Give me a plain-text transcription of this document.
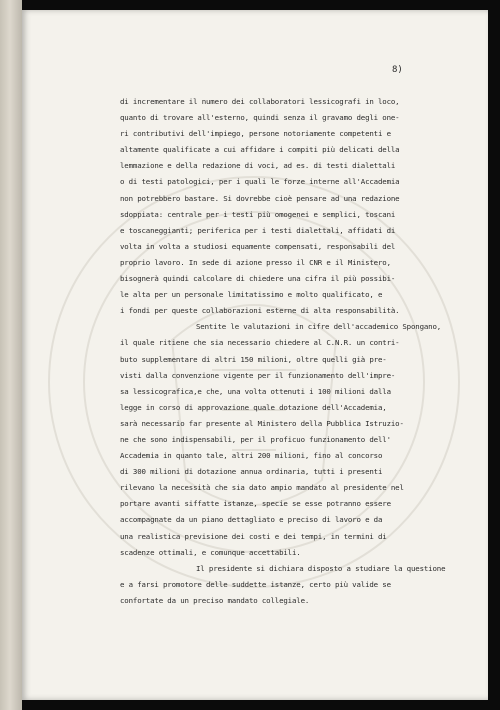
8)
di incrementare il numero dei collaboratori lessicografi in loco,
quanto di trovare all'esterno, quindi senza il gravamo degli one-
ri contributivi dell'impiego, persone notoriamente competenti e
altamente qualificate a cui affidare i compiti più delicati della
lemmazione e della redazione di voci, ad es. di testi dialettali
o di testi patologici, per i quali le forze interne all'Accademia
non potrebbero bastare. Si dovrebbe cioè pensare ad una redazione
sdoppiata: centrale per i testi più omogenei e semplici, toscani
e toscaneggianti; periferica per i testi dialettali, affidati di
volta in volta a studiosi equamente compensati, responsabili del
proprio lavoro. In sede di azione presso il CNR e il Ministero,
bisognerà quindi calcolare di chiedere una cifra il più possibi-
le alta per un personale limitatissimo e molto qualificato, e
i fondi per queste collaborazioni esterne di alta responsabilità.
Sentite le valutazioni in cifre dell'accademico Spongano,
il quale ritiene che sia necessario chiedere al C.N.R. un contri-
buto supplementare di altri 150 milioni, oltre quelli già pre-
visti dalla convenzione vigente per il funzionamento dell'impre-
sa lessicografica,e che, una volta ottenuti i 100 milioni dalla
legge in corso di approvazione quale dotazione dell'Accademia,
sarà necessario far presente al Ministero della Pubblica Istruzio-
ne che sono indispensabili, per il proficuo funzionamento dell'
Accademia in quanto tale, altri 200 milioni, fino al concorso
di 300 milioni di dotazione annua ordinaria, tutti i presenti
rilevano la necessità che sia dato ampio mandato al presidente nel
portare avanti siffatte istanze, specie se esse potranno essere
accompagnate da un piano dettagliato e preciso di lavoro e da
una realistica previsione dei costi e dei tempi, in termini di
scadenze ottimali, e comunque accettabili.
Il presidente si dichiara disposto a studiare la questione
e a farsi promotore delle suddette istanze, certo più valide se
confortate da un preciso mandato collegiale.
